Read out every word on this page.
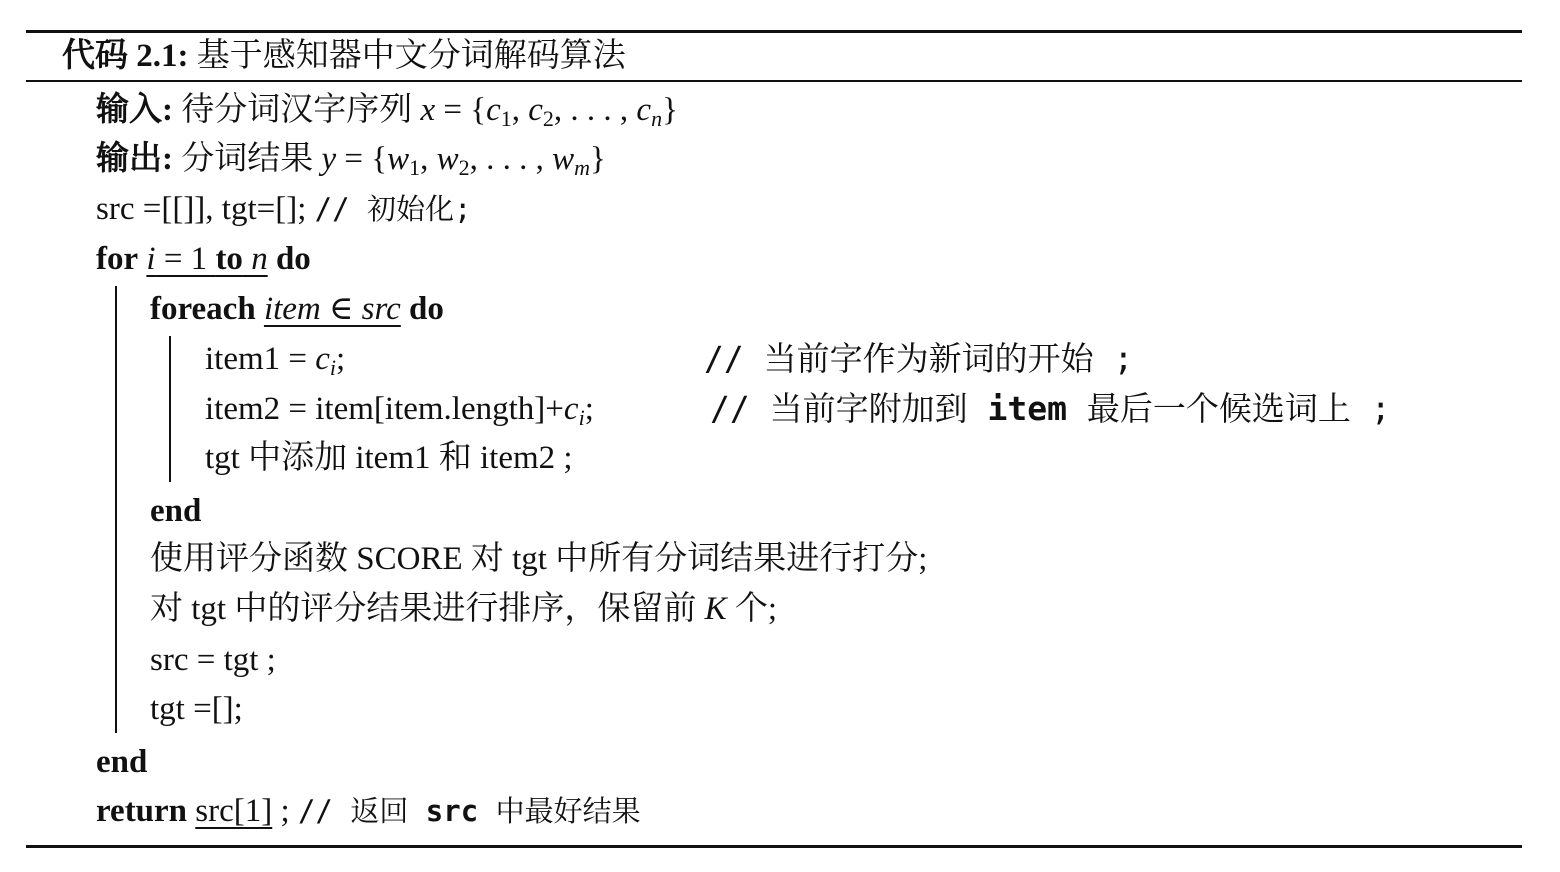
代码 2.1: 基于感知器中文分词解码算法
输入: 待分词汉字序列 $x = \{c_1$, $c_2$, . . . , $c_n$}
输出: 分词结果 $y = \{w_1$, $w_2$, . . . , $w_m$}
src =[[]], tgt=[]; // 初始化;
for i = 1 to n do
foreach item ∈ src do
item1 = $c_i$;	// 当前字作为新词的开始 ;
item2 = $item[item.length]+c_i$;	// 当前字附加到 item 最后一个候选词上 ;
tgt 中添加 item1 和 item2 ;
end
使用评分函数 SCORE 对 tgt 中所有分词结果进行打分;
对 tgt 中的评分结果进行排序，保留前 K 个;
src = tgt ;
tgt =[];
end
return src[1] ; // 返回 src 中最好结果
